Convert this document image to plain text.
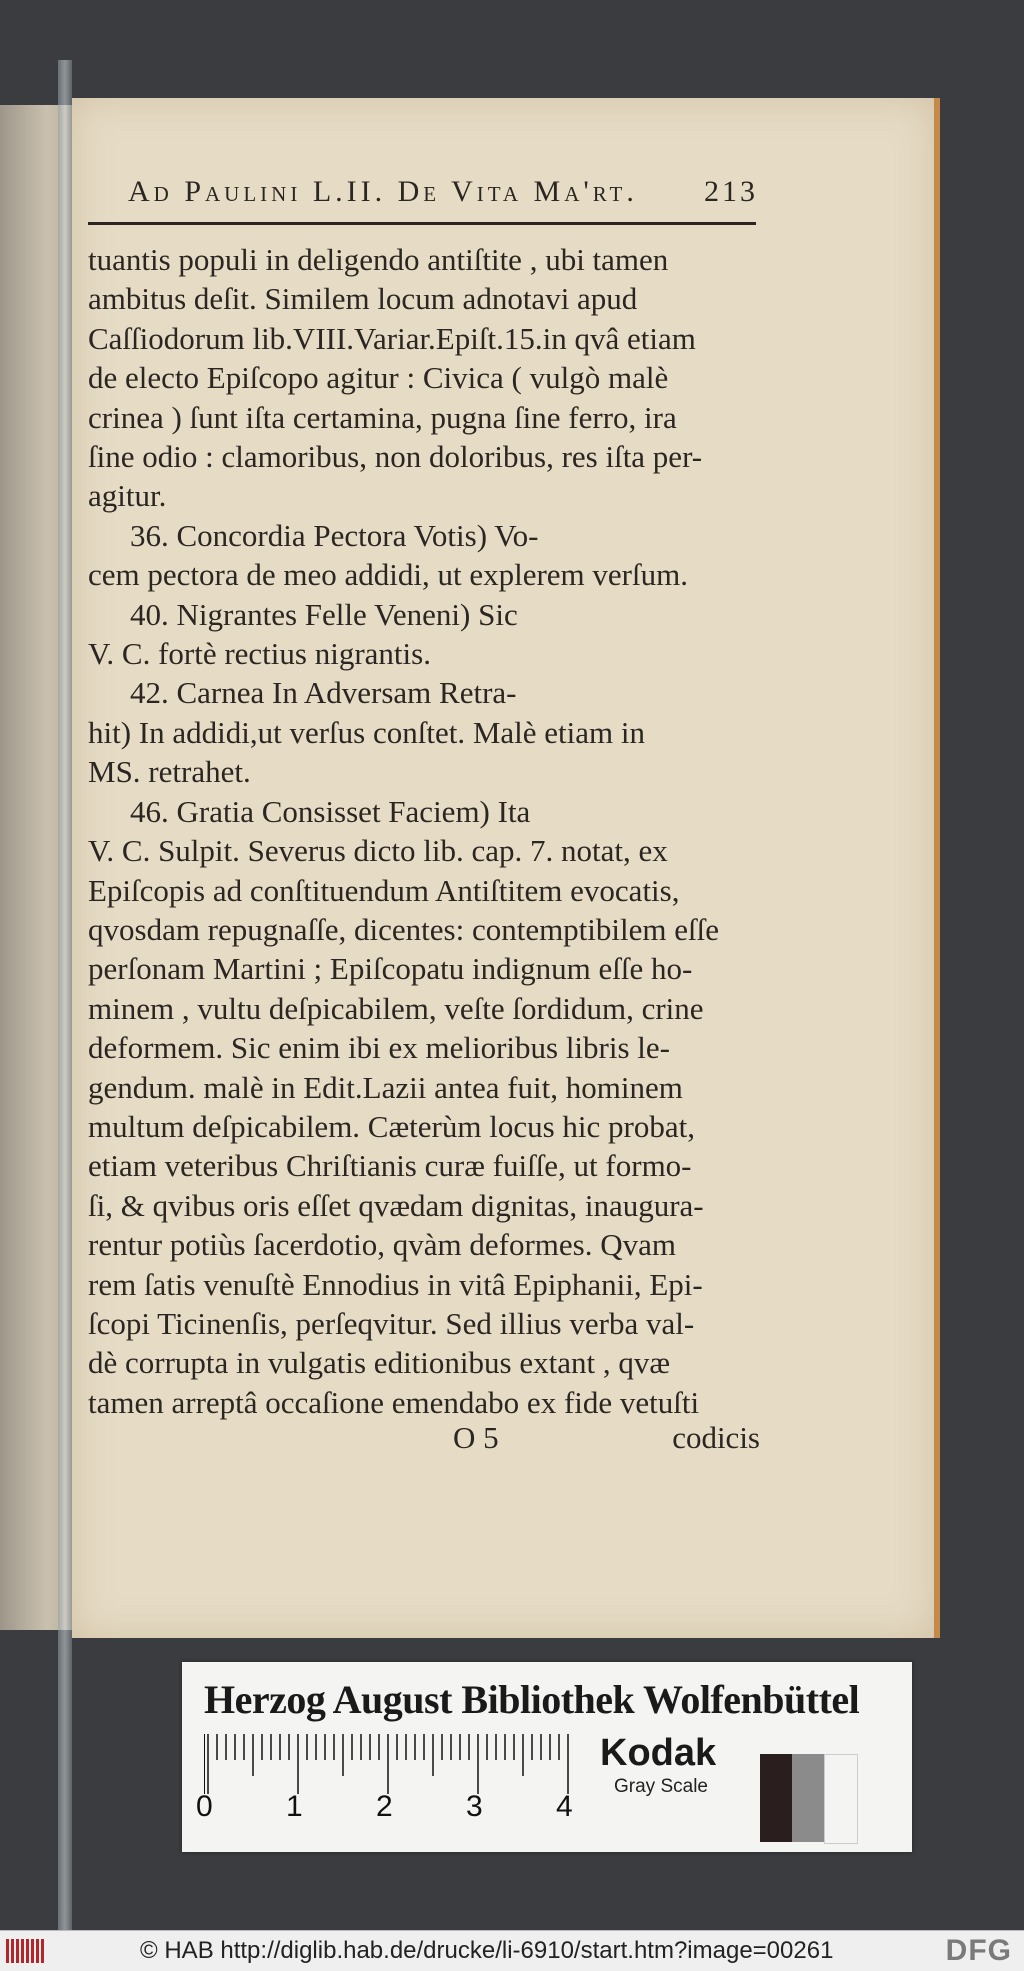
Ad Paulini L.II. De Vita Ma'rt. 213

tuantis populi in deligendo antiſtite , ubi tamen

ambitus deſit. Similem locum adnotavi apud

Caſſiodorum lib.VIII.Variar.Epiſt.15.in qvâ etiam

de electo Epiſcopo agitur : Civica ( vulgò malè

crinea ) ſunt iſta certamina, pugna ſine ferro, ira

ſine odio : clamoribus, non doloribus, res iſta per-

agitur.

36. Concordia Pectora Votis) Vo-

cem pectora de meo addidi, ut explerem verſum.

40. Nigrantes Felle Veneni) Sic

V. C. fortè rectius nigrantis.

42. Carnea In Adversam Retra-

hit) In addidi,ut verſus conſtet. Malè etiam in

MS. retrahet.

46. Gratia Consisset Faciem) Ita

V. C. Sulpit. Severus dicto lib. cap. 7. notat, ex

Epiſcopis ad conſtituendum Antiſtitem evocatis,

qvosdam repugnaſſe, dicentes: contemptibilem eſſe

perſonam Martini ; Epiſcopatu indignum eſſe ho-

minem , vultu deſpicabilem, veſte ſordidum, crine

deformem. Sic enim ibi ex melioribus libris le-

gendum. malè in Edit.Lazii antea fuit, hominem

multum deſpicabilem. Cæterùm locus hic probat,

etiam veteribus Chriſtianis curæ fuiſſe, ut formo-

ſi, & qvibus oris eſſet qvædam dignitas, inaugura-

rentur potiùs ſacerdotio, qvàm deformes. Qvam

rem ſatis venuſtè Ennodius in vitâ Epiphanii, Epi-

ſcopi Ticinenſis, perſeqvitur. Sed illius verba val-

dè corrupta in vulgatis editionibus extant , qvæ

tamen arreptâ occaſione emendabo ex fide vetuſti

O 5	codicis
Herzog August Bibliothek Wolfenbüttel
0 1 2 3 4
Kodak
Gray Scale
© HAB http://diglib.hab.de/drucke/li-6910/start.htm?image=00261	DFG
